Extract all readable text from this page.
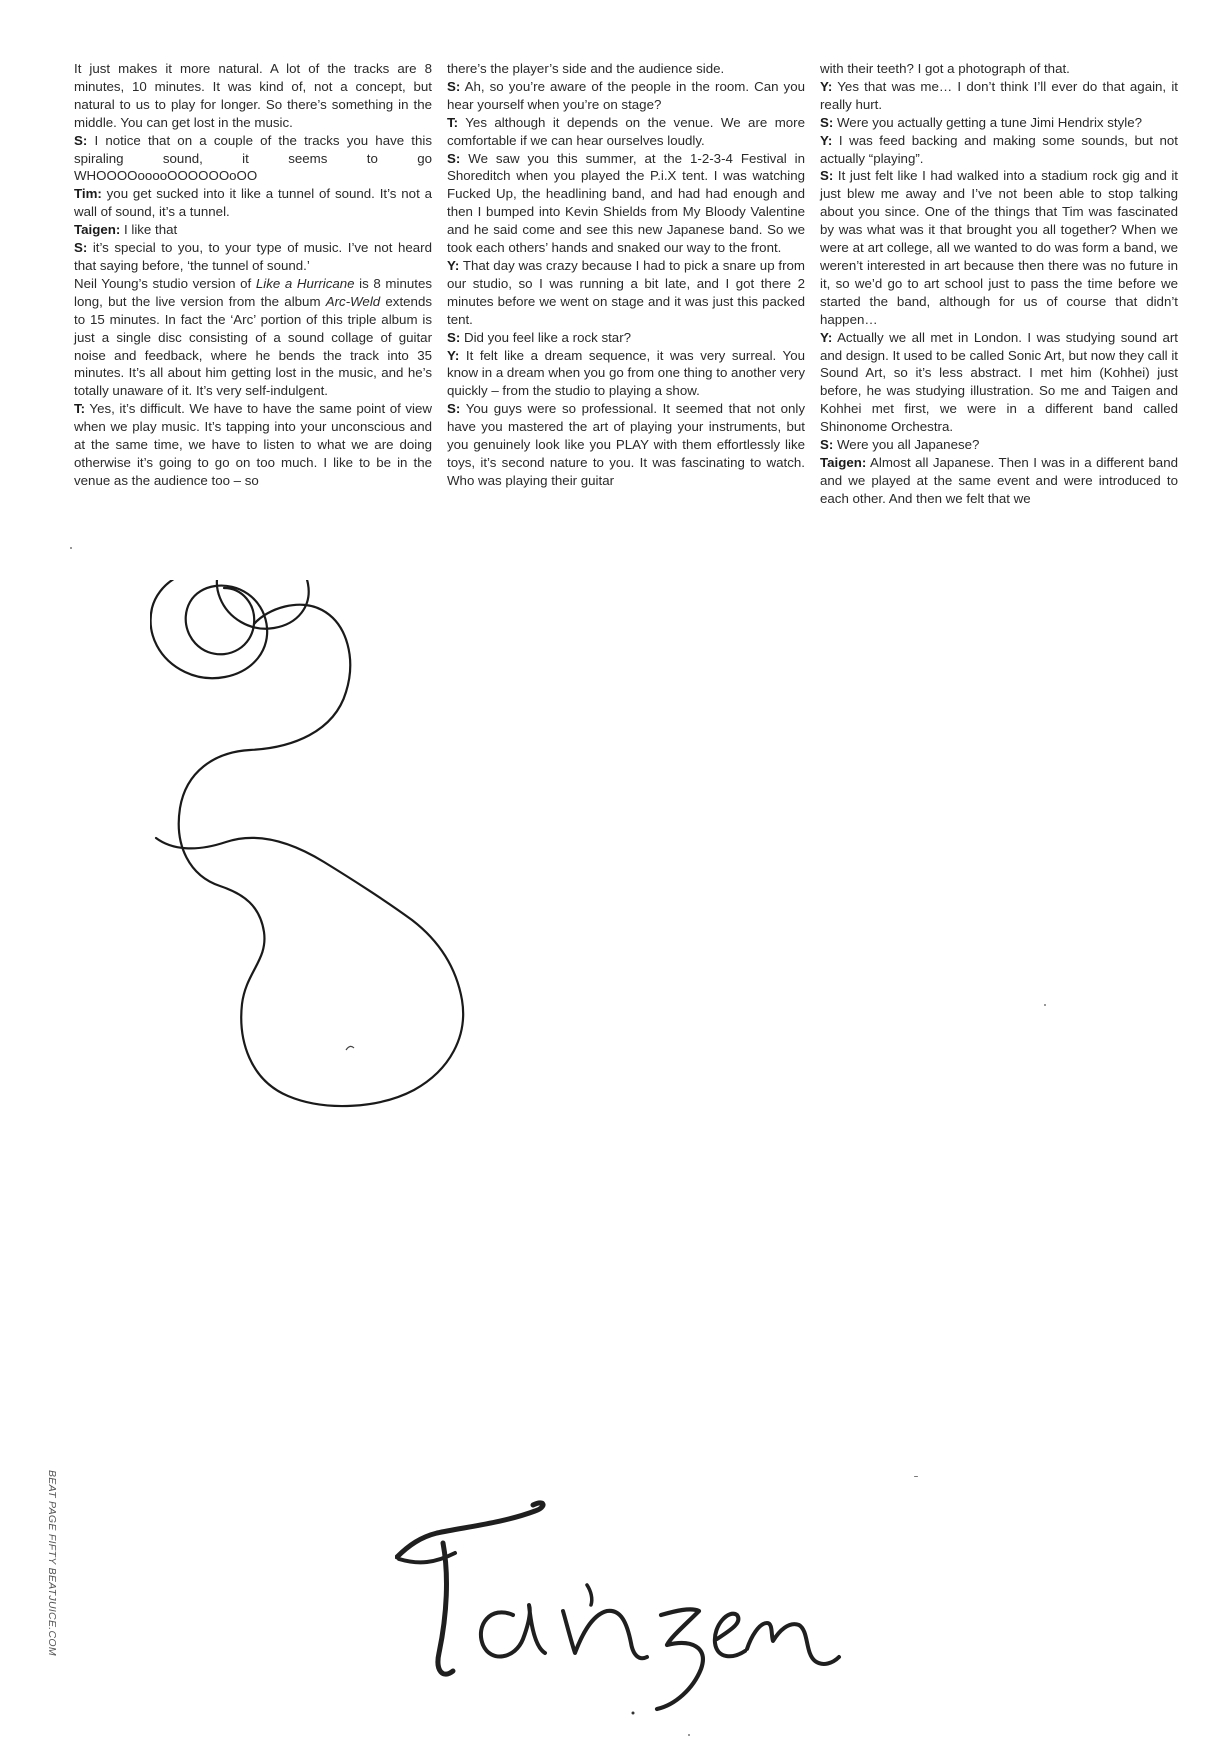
It just makes it more natural. A lot of the tracks are 8 minutes, 10 minutes. It was kind of, not a concept, but natural to us to play for longer. So there’s something in the middle. You can get lost in the music.

S: I notice that on a couple of the tracks you have this spiraling sound, it seems to go WHOOOOooooOOOOOOoOO

Tim: you get sucked into it like a tunnel of sound. It’s not a wall of sound, it’s a tunnel.

Taigen: I like that

S: it’s special to you, to your type of music. I’ve not heard that saying before, ‘the tunnel of sound.’

Neil Young’s studio version of Like a Hurricane is 8 minutes long, but the live version from the album Arc-Weld extends to 15 minutes. In fact the ‘Arc’ portion of this triple album is just a single disc consisting of a sound collage of guitar noise and feedback, where he bends the track into 35 minutes. It’s all about him getting lost in the music, and he’s totally unaware of it. It’s very self-indulgent.

T: Yes, it’s difficult. We have to have the same point of view when we play music. It’s tapping into your unconscious and at the same time, we have to listen to what we are doing otherwise it’s going to go on too much. I like to be in the venue as the audience too – so

there’s the player’s side and the audience side.

S: Ah, so you’re aware of the people in the room. Can you hear yourself when you’re on stage?

T: Yes although it depends on the venue. We are more comfortable if we can hear ourselves loudly.

S: We saw you this summer, at the 1-2-3-4 Festival in Shoreditch when you played the P.i.X tent. I was watching Fucked Up, the headlining band, and had had enough and then I bumped into Kevin Shields from My Bloody Valentine and he said come and see this new Japanese band. So we took each others’ hands and snaked our way to the front.

Y: That day was crazy because I had to pick a snare up from our studio, so I was running a bit late, and I got there 2 minutes before we went on stage and it was just this packed tent.

S: Did you feel like a rock star?

Y: It felt like a dream sequence, it was very surreal. You know in a dream when you go from one thing to another very quickly – from the studio to playing a show.

S: You guys were so professional. It seemed that not only have you mastered the art of playing your instruments, but you genuinely look like you PLAY with them effortlessly like toys, it’s second nature to you. It was fascinating to watch. Who was playing their guitar

with their teeth? I got a photograph of that.

Y: Yes that was me… I don’t think I’ll ever do that again, it really hurt.

S: Were you actually getting a tune Jimi Hendrix style?

Y: I was feed backing and making some sounds, but not actually “playing”.

S: It just felt like I had walked into a stadium rock gig and it just blew me away and I’ve not been able to stop talking about you since. One of the things that Tim was fascinated by was what was it that brought you all together? When we were at art college, all we wanted to do was form a band, we weren’t interested in art because then there was no future in it, so we’d go to art school just to pass the time before we started the band, although for us of course that didn’t happen…

Y: Actually we all met in London. I was studying sound art and design. It used to be called Sonic Art, but now they call it Sound Art, so it’s less abstract. I met him (Kohhei) just before, he was studying illustration. So me and Taigen and Kohhei met first, we were in a different band called Shinonome Orchestra.

S: Were you all Japanese?

Taigen: Almost all Japanese. Then I was in a different band and we played at the same event and were introduced to each other. And then we felt that we

BEAT PAGE FIFTY BEATJUICE.COM
